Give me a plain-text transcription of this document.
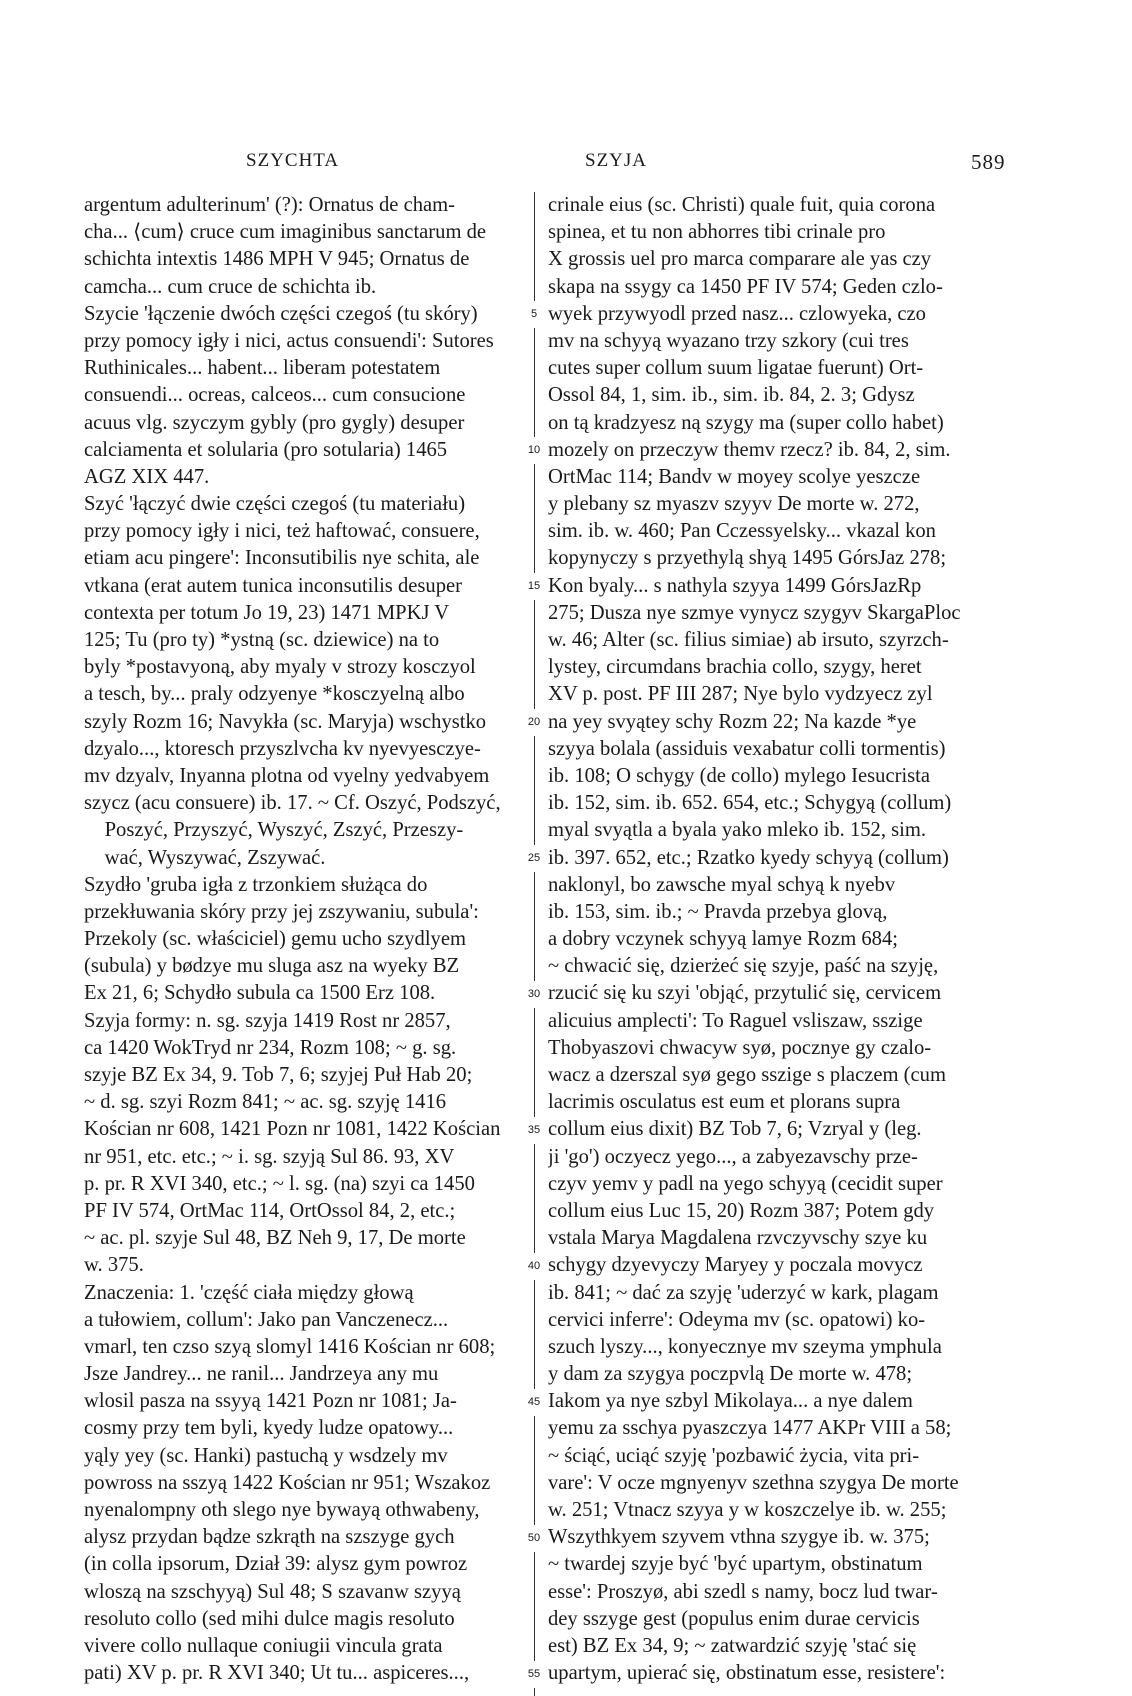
SZYCHTA	SZYJA	589
argentum adulterinum' (?): Ornatus de cham-
cha... ⟨cum⟩ cruce cum imaginibus sanctarum de
schichta intextis 1486 MPH V 945; Ornatus de
camcha... cum cruce de schichta ib.
Szycie 'łączenie dwóch części czegoś (tu skóry)
przy pomocy igły i nici, actus consuendi': Sutores
Ruthinicales... habent... liberam potestatem
consuendi... ocreas, calceos... cum consucione
acuus vlg. szyczym gybly (pro gygly) desuper
calciamenta et solularia (pro sotularia) 1465
AGZ XIX 447.
Szyć 'łączyć dwie części czegoś (tu materiału)
przy pomocy igły i nici, też haftować, consuere,
etiam acu pingere': Inconsutibilis nye schita, ale
vtkana (erat autem tunica inconsutilis desuper
contexta per totum Jo 19, 23) 1471 MPKJ V
125; Tu (pro ty) *ystną (sc. dziewice) na to
byly *postavyoną, aby myaly v strozy kosczyol
a tesch, by... praly odzyenye *kosczyelną albo
szyly Rozm 16; Navykła (sc. Maryja) wschystko
dzyalo..., ktoresch przyszlvcha kv nyevyesczye-
mv dzyalv, Inyanna plotna od vyelny yedvabyem
szycz (acu consuere) ib. 17. ~ Cf. Oszyć, Podszyć,
Poszyć, Przyszyć, Wyszyć, Zszyć, Przeszy-
wać, Wyszywać, Zszywać.
Szydło 'gruba igła z trzonkiem służąca do
przekłuwania skóry przy jej zszywaniu, subula':
Przekoly (sc. właściciel) gemu ucho szydlyem
(subula) y bødzye mu sluga asz na wyeky BZ
Ex 21, 6; Schydło subula ca 1500 Erz 108.
Szyja formy: n. sg. szyja 1419 Rost nr 2857,
ca 1420 WokTryd nr 234, Rozm 108; ~ g. sg.
szyje BZ Ex 34, 9. Tob 7, 6; szyjej Puł Hab 20;
~ d. sg. szyi Rozm 841; ~ ac. sg. szyję 1416
Kościan nr 608, 1421 Pozn nr 1081, 1422 Kościan
nr 951, etc. etc.; ~ i. sg. szyją Sul 86. 93, XV
p. pr. R XVI 340, etc.; ~ l. sg. (na) szyi ca 1450
PF IV 574, OrtMac 114, OrtOssol 84, 2, etc.;
~ ac. pl. szyje Sul 48, BZ Neh 9, 17, De morte
w. 375.
Znaczenia: 1. 'część ciała między głową
a tułowiem, collum': Jako pan Vanczenecz...
vmarl, ten czso szyą slomyl 1416 Kościan nr 608;
Jsze Jandrey... ne ranil... Jandrzeya any mu
wlosil pasza na ssyyą 1421 Pozn nr 1081; Ja-
cosmy przy tem byli, kyedy ludze opatowy...
yąly yey (sc. Hanki) pastuchą y wsdzely mv
powross na sszyą 1422 Kościan nr 951; Wszakoz
nyenalompny oth slego nye bywayą othwabeny,
alysz przydan bądze szkrąth na szszyge gych
(in colla ipsorum, Dział 39: alysz gym powroz
wloszą na szschyyą) Sul 48; S szavanw szyyą
resoluto collo (sed mihi dulce magis resoluto
vivere collo nullaque coniugii vincula grata
pati) XV p. pr. R XVI 340; Ut tu... aspiceres...,
5
10
15
20
25
30
35
40
45
50
55
crinale eius (sc. Christi) quale fuit, quia corona
spinea, et tu non abhorres tibi crinale pro
X grossis uel pro marca comparare ale yas czy
skapa na ssygy ca 1450 PF IV 574; Geden czlo-
wyek przywyodl przed nasz... czlowyeka, czo
mv na schyyą wyazano trzy szkory (cui tres
cutes super collum suum ligatae fuerunt) Ort-
Ossol 84, 1, sim. ib., sim. ib. 84, 2. 3; Gdysz
on tą kradzyesz ną szygy ma (super collo habet)
mozely on przeczyw themv rzecz? ib. 84, 2, sim.
OrtMac 114; Bandv w moyey scolye yeszcze
y plebany sz myaszv szyyv De morte w. 272,
sim. ib. w. 460; Pan Cczessyelsky... vkazal kon
kopynyczy s przyethylą shyą 1495 GórsJaz 278;
Kon byaly... s nathyla szyya 1499 GórsJazRp
275; Dusza nye szmye vynycz szygyv SkargaPloc
w. 46; Alter (sc. filius simiae) ab irsuto, szyrzch-
lystey, circumdans brachia collo, szygy, heret
XV p. post. PF III 287; Nye bylo vydzyecz zyl
na yey svyątey schy Rozm 22; Na kazde *ye
szyya bolala (assiduis vexabatur colli tormentis)
ib. 108; O schygy (de collo) mylego Iesucrista
ib. 152, sim. ib. 652. 654, etc.; Schygyą (collum)
myal svyątla a byala yako mleko ib. 152, sim.
ib. 397. 652, etc.; Rzatko kyedy schyyą (collum)
naklonyl, bo zawsche myal schyą k nyebv
ib. 153, sim. ib.; ~ Pravda przebya glovą,
a dobry vczynek schyyą lamye Rozm 684;
~ chwacić się, dzierżeć się szyje, paść na szyję,
rzucić się ku szyi 'objąć, przytulić się, cervicem
alicuius amplecti': To Raguel vsliszaw, sszige
Thobyaszovi chwacyw syø, pocznye gy czalo-
wacz a dzerszal syø gego sszige s placzem (cum
lacrimis osculatus est eum et plorans supra
collum eius dixit) BZ Tob 7, 6; Vzryal y (leg.
ji 'go') oczyecz yego..., a zabyezavschy prze-
czyv yemv y padl na yego schyyą (cecidit super
collum eius Luc 15, 20) Rozm 387; Potem gdy
vstala Marya Magdalena rzvczyvschy szye ku
schygy dzyevyczy Maryey y poczala movycz
ib. 841; ~ dać za szyję 'uderzyć w kark, plagam
cervici inferre': Odeyma mv (sc. opatowi) ko-
szuch lyszy..., konyecznye mv szeyma ymphula
y dam za szygya poczpvlą De morte w. 478;
Iakom ya nye szbyl Mikolaya... a nye dalem
yemu za sschya pyaszczya 1477 AKPr VIII a 58;
~ ściąć, uciąć szyję 'pozbawić życia, vita pri-
vare': V ocze mgnyenyv szethna szygya De morte
w. 251; Vtnacz szyya y w koszczelye ib. w. 255;
Wszythkyem szyvem vthna szygye ib. w. 375;
~ twardej szyje być 'być upartym, obstinatum
esse': Proszyø, abi szedl s namy, bocz lud twar-
dey sszyge gest (populus enim durae cervicis
est) BZ Ex 34, 9; ~ zatwardzić szyję 'stać się
upartym, upierać się, obstinatum esse, resistere':
